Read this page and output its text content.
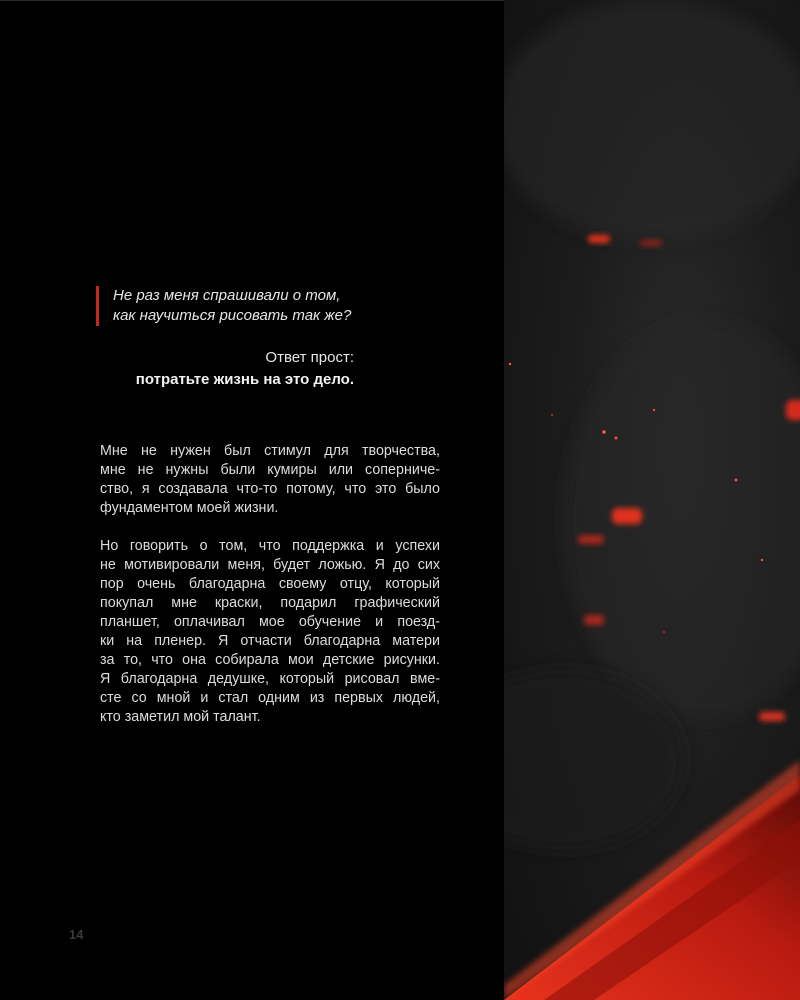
Не раз меня спрашивали о том,
как научиться рисовать так же?
Ответ прост:
потратьте жизнь на это дело.

Мне не нужен был стимул для творчества,
мне не нужны были кумиры или соперниче-
ство, я создавала что-то потому, что это было
фундаментом моей жизни.

Но говорить о том, что поддержка и успехи
не мотивировали меня, будет ложью. Я до сих
пор очень благодарна своему отцу, который
покупал мне краски, подарил графический
планшет, оплачивал мое обучение и поезд-
ки на пленер. Я отчасти благодарна матери
за то, что она собирала мои детские рисунки.
Я благодарна дедушке, который рисовал вме-
сте со мной и стал одним из первых людей,
кто заметил мой талант.

14
